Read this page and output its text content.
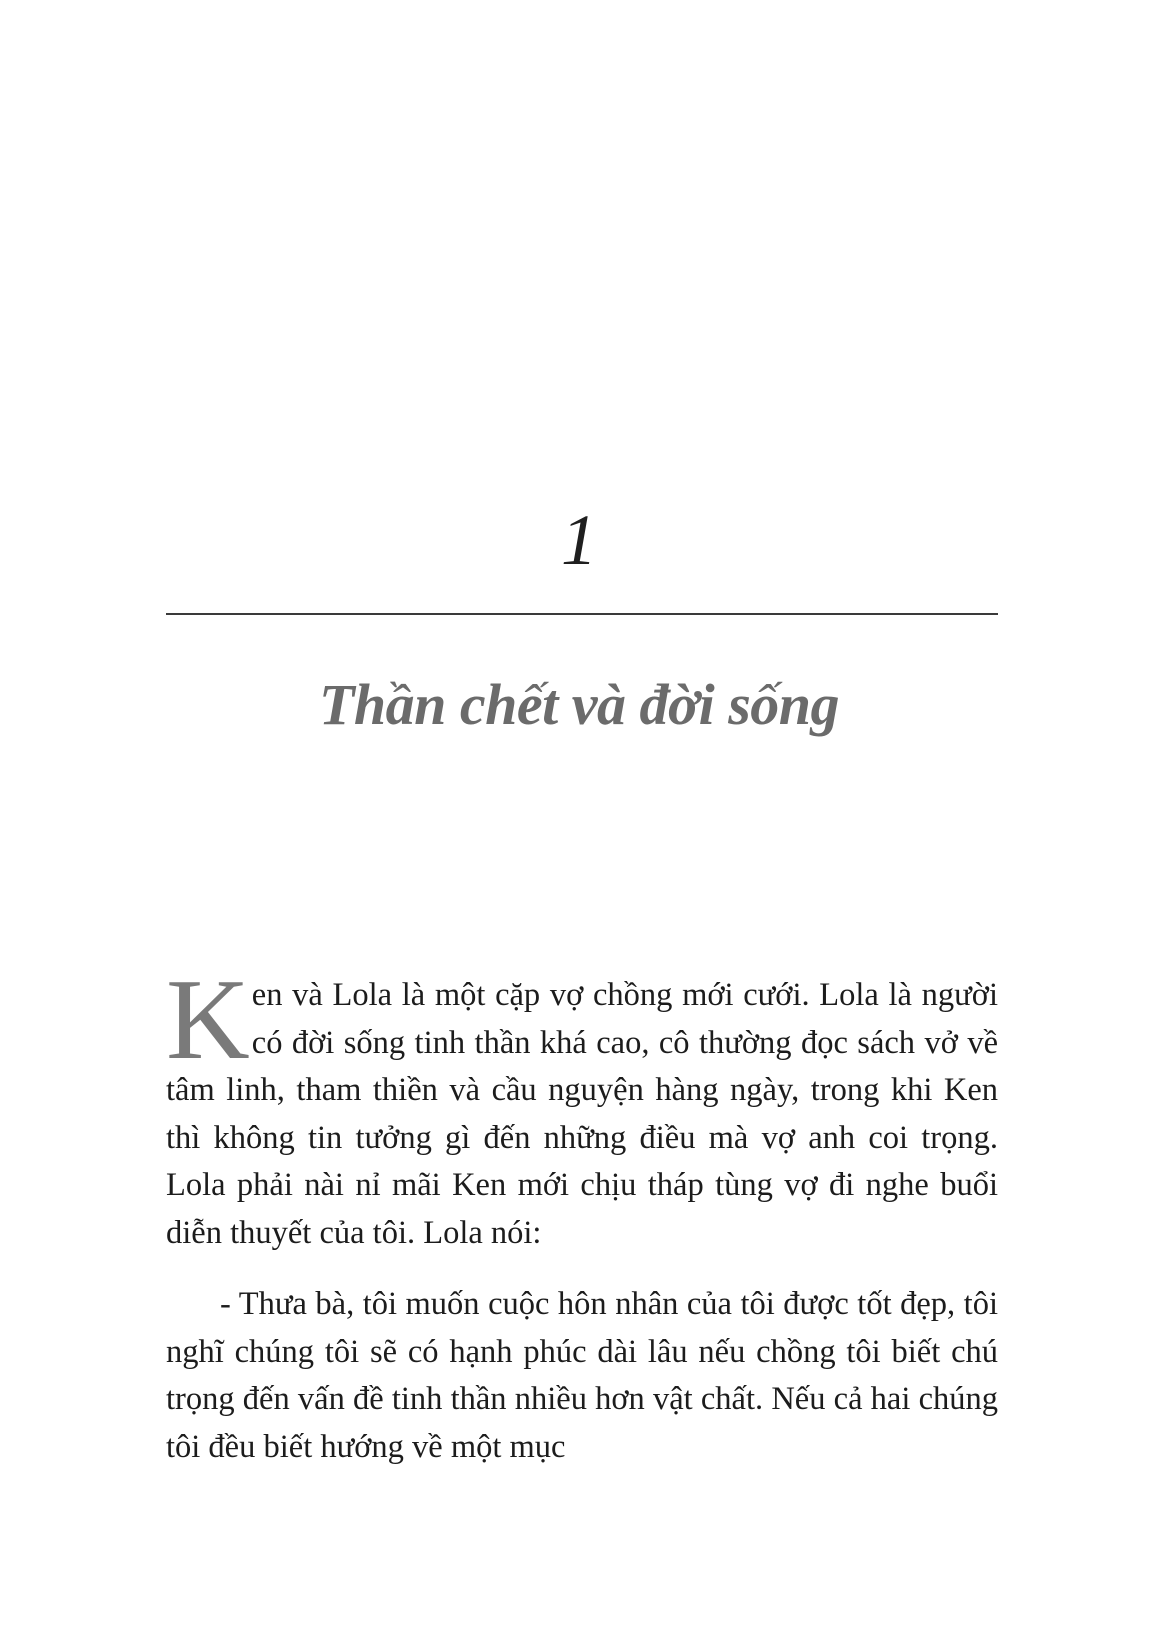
1
Thần chết và đời sống

Ken và Lola là một cặp vợ chồng mới cưới. Lola là người có đời sống tinh thần khá cao, cô thường đọc sách vở về tâm linh, tham thiền và cầu nguyện hàng ngày, trong khi Ken thì không tin tưởng gì đến những điều mà vợ anh coi trọng. Lola phải nài nỉ mãi Ken mới chịu tháp tùng vợ đi nghe buổi diễn thuyết của tôi. Lola nói:

- Thưa bà, tôi muốn cuộc hôn nhân của tôi được tốt đẹp, tôi nghĩ chúng tôi sẽ có hạnh phúc dài lâu nếu chồng tôi biết chú trọng đến vấn đề tinh thần nhiều hơn vật chất. Nếu cả hai chúng tôi đều biết hướng về một mục
